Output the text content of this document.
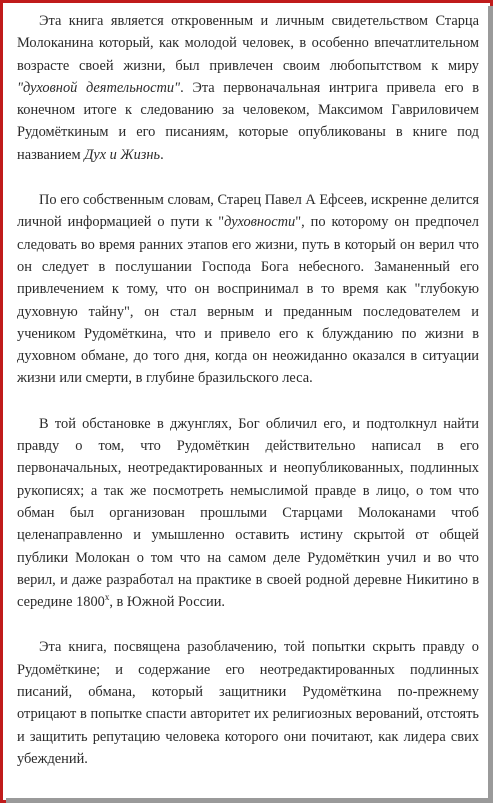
Эта книга является откровенным и личным свидетельством Старца Молоканина который, как молодой человек, в особенно впечатлительном возрасте своей жизни, был привлечен своим любопытством к миру "духовной деятельности". Эта первоначальная интрига привела его в конечном итоге к следованию за человеком, Максимом Гавриловичем Рудомёткиным и его писаниям, которые опубликованы в книге под названием Дух и Жизнь.

По его собственным словам, Старец Павел А Ефсеев, искренне делится личной информацией о пути к "духовности", по которому он предпочел следовать во время ранних этапов его жизни, путь в который он верил что он следует в послушании Господа Бога небесного. Заманенный его привлечением к тому, что он воспринимал в то время как "глубокую духовную тайну", он стал верным и преданным последователем и учеником Рудомёткина, что и привело его к блужданию по жизни в духовном обмане, до того дня, когда он неожиданно оказался в ситуации жизни или смерти, в глубине бразильского леса.

В той обстановке в джунглях, Бог обличил его, и подтолкнул найти правду о том, что Рудомёткин действительно написал в его первоначальных, неотредактированных и неопубликованных, подлинных рукописях; а так же посмотреть немыслимой правде в лицо, о том что обман был организован прошлыми Старцами Молоканами чтоб целенаправленно и умышленно оставить истину скрытой от общей публики Молокан о том что на самом деле Рудомёткин учил и во что верил, и даже разработал на практике в своей родной деревне Никитино в середине $1800^х$, в Южной России.

Эта книга, посвящена разоблачению, той попытки скрыть правду о Рудомёткине; и содержание его неотредактированных подлинных писаний, обмана, который защитники Рудомёткина по-прежнему отрицают в попытке спасти авторитет их религиозных верований, отстоять и защитить репутацию человека которого они почитают, как лидера свих убеждений.
